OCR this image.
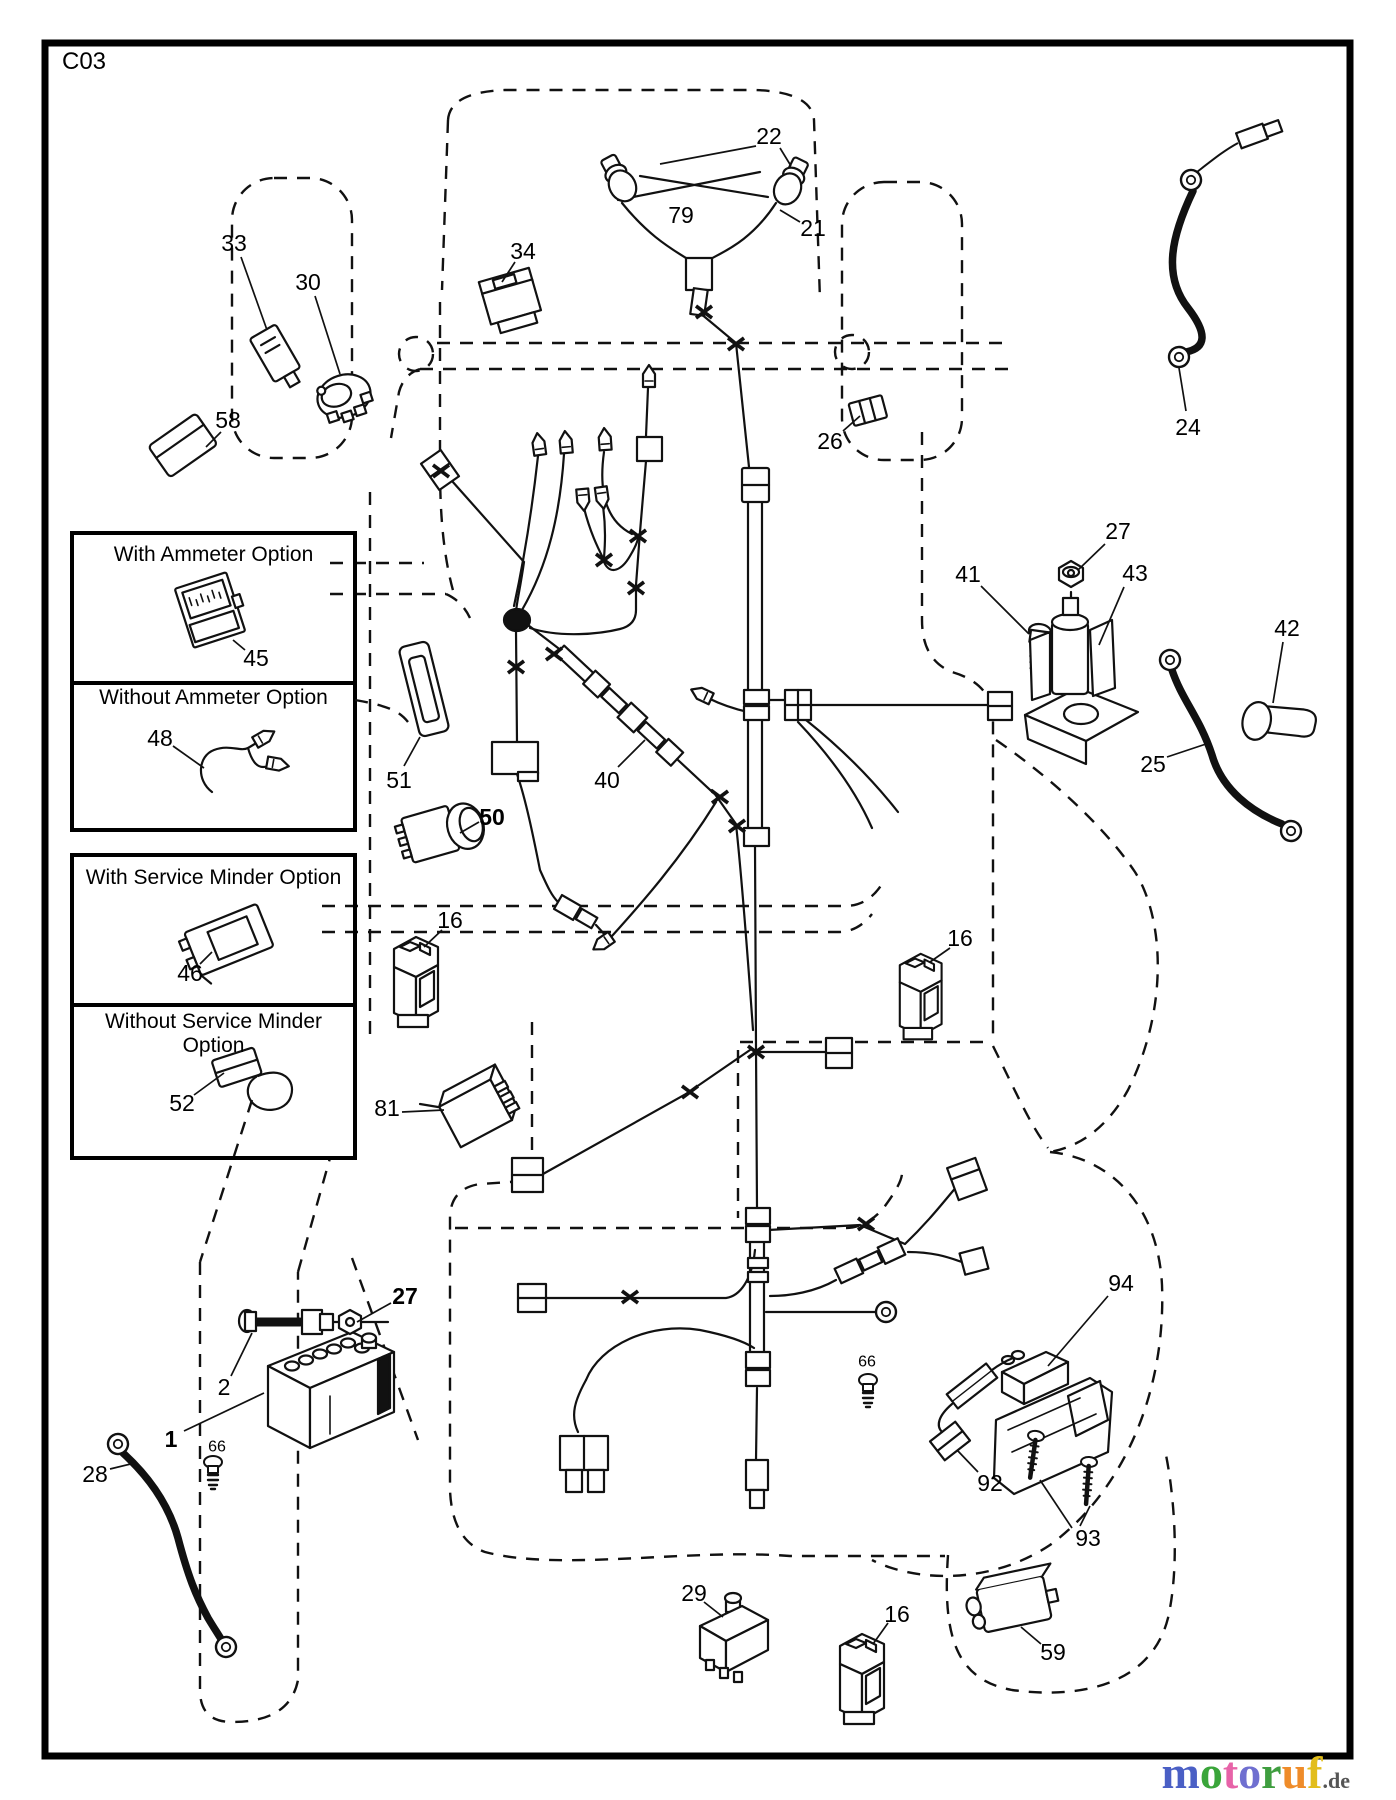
33
30
58
34
22
79	21
26
24
27
41	43
42
25
45
48
51	40
50
46
52
16
16
81
27
2
1 66
28
66
94
92
93
59
29
16
C03
With Ammeter Option
Without Ammeter Option
With Service Minder Option
Without Service Minder Option
motoruf.de
